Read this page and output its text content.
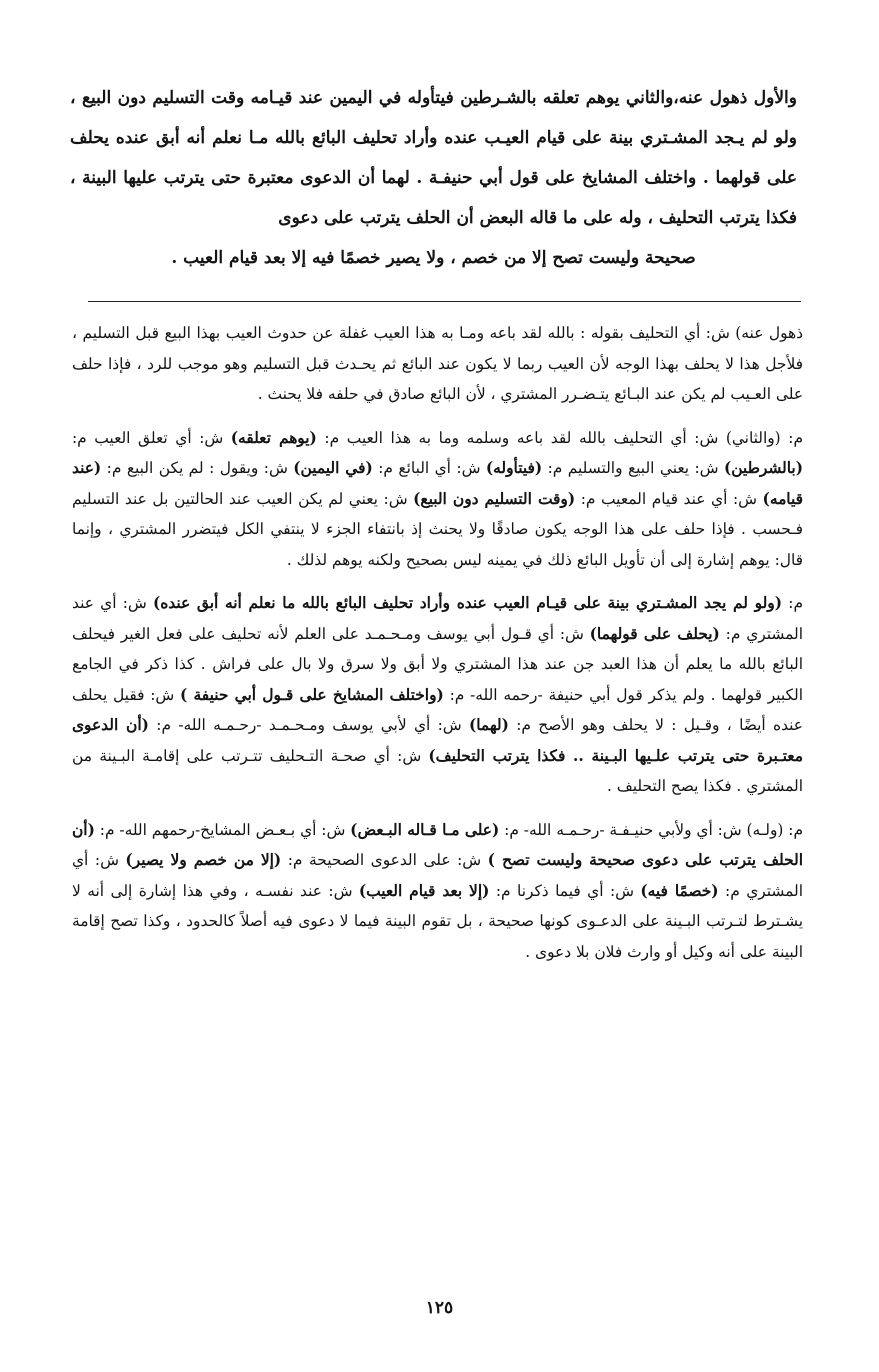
والأول ذهول عنه،والثاني يوهم تعلقه بالشـرطين فيتأوله في اليمين عند قيـامه وقت التسليم دون البيع ، ولو لم يـجد المشـتري بينة على قيام العيـب عنده وأراد تحليف البائع بالله مـا نعلم أنه أبق عنده يحلف على قولهما . واختلف المشايخ على قول أبي حنيفـة . لهما أن الدعوى معتبرة حتى يترتب عليها البينة ، فكذا يترتب التحليف ، وله على ما قاله البعض أن الحلف يترتب على دعوى

صحيحة وليست تصح إلا من خصم ، ولا يصير خصمًا فيه إلا بعد قيام العيب .

ذهول عنه) ش: أي التحليف بقوله : بالله لقد باعه ومـا به هذا العيب غفلة عن حدوث العيب بهذا البيع قبل التسليم ، فلأجل هذا لا يحلف بهذا الوجه لأن العيب ربما لا يكون عند البائع ثم يحـدث قبل التسليم وهو موجب للرد ، فإذا حلف على العـيب لم يكن عند البـائع يتـضـرر المشتري ، لأن البائع صادق في حلفه فلا يحنث .

م: (والثاني) ش: أي التحليف بالله لقد باعه وسلمه وما به هذا العيب م: (يوهم تعلقه) ش: أي تعلق العيب م: (بالشرطين) ش: يعني البيع والتسليم م: (فيتأوله) ش: أي البائع م: (في اليمين) ش: ويقول : لم يكن البيع م: (عند قيامه) ش: أي عند قيام المعيب م: (وقت التسليم دون البيع) ش: يعني لم يكن العيب عند الحالتين بل عند التسليم فـحسب . فإذا حلف على هذا الوجه يكون صادقًا ولا يحنث إذ بانتفاء الجزء لا ينتفي الكل فيتضرر المشتري ، وإنما قال: يوهم إشارة إلى أن تأويل البائع ذلك في يمينه ليس بصحيح ولكنه يوهم لذلك .

م: (ولو لم يجد المشـتري بينة على قيـام العيب عنده وأراد تحليف البائع بالله ما نعلم أنه أبق عنده) ش: أي عند المشتري م: (يحلف على قولهما) ش: أي قـول أبي يوسف ومـحـمـد على العلم لأنه تحليف على فعل الغير فيحلف البائع بالله ما يعلم أن هذا العبد جن عند هذا المشتري ولا أبق ولا سرق ولا بال على فراش . كذا ذكر في الجامع الكبير قولهما . ولم يذكر قول أبي حنيفة -رحمه الله- م: (واختلف المشايخ على قـول أبي حنيفة ) ش: فقيل يحلف عنده أيضًا ، وقـيل : لا يحلف وهو الأصح م: (لهما) ش: أي لأبي يوسف ومـحـمـد -رحـمـه الله- م: (أن الدعوى معتـبرة حتى يترتب علـيها البـينة .. فكذا يترتب التحليف) ش: أي صحـة التـحليف تتـرتب على إقامـة البـينة من المشتري . فكذا يصح التحليف .

م: (ولـه) ش: أي ولأبي حنيـفـة -رحـمـه الله- م: (على مـا قـاله البـعض) ش: أي بـعـض المشايخ-رحمهم الله- م: (أن الحلف يترتب على دعوى صحيحة وليست تصح ) ش: على الدعوى الصحيحة م: (إلا من خصم ولا يصير) ش: أي المشتري م: (خصمًا فيه) ش: أي فيما ذكرنا م: (إلا بعد قيام العيب) ش: عند نفسـه ، وفي هذا إشارة إلى أنه لا يشـترط لتـرتب البـينة على الدعـوى كونها صحيحة ، بل تقوم البينة فيما لا دعوى فيه أصلاً كالحدود ، وكذا تصح إقامة البينة على أنه وكيل أو وارث فلان بلا دعوى .

١٢٥
